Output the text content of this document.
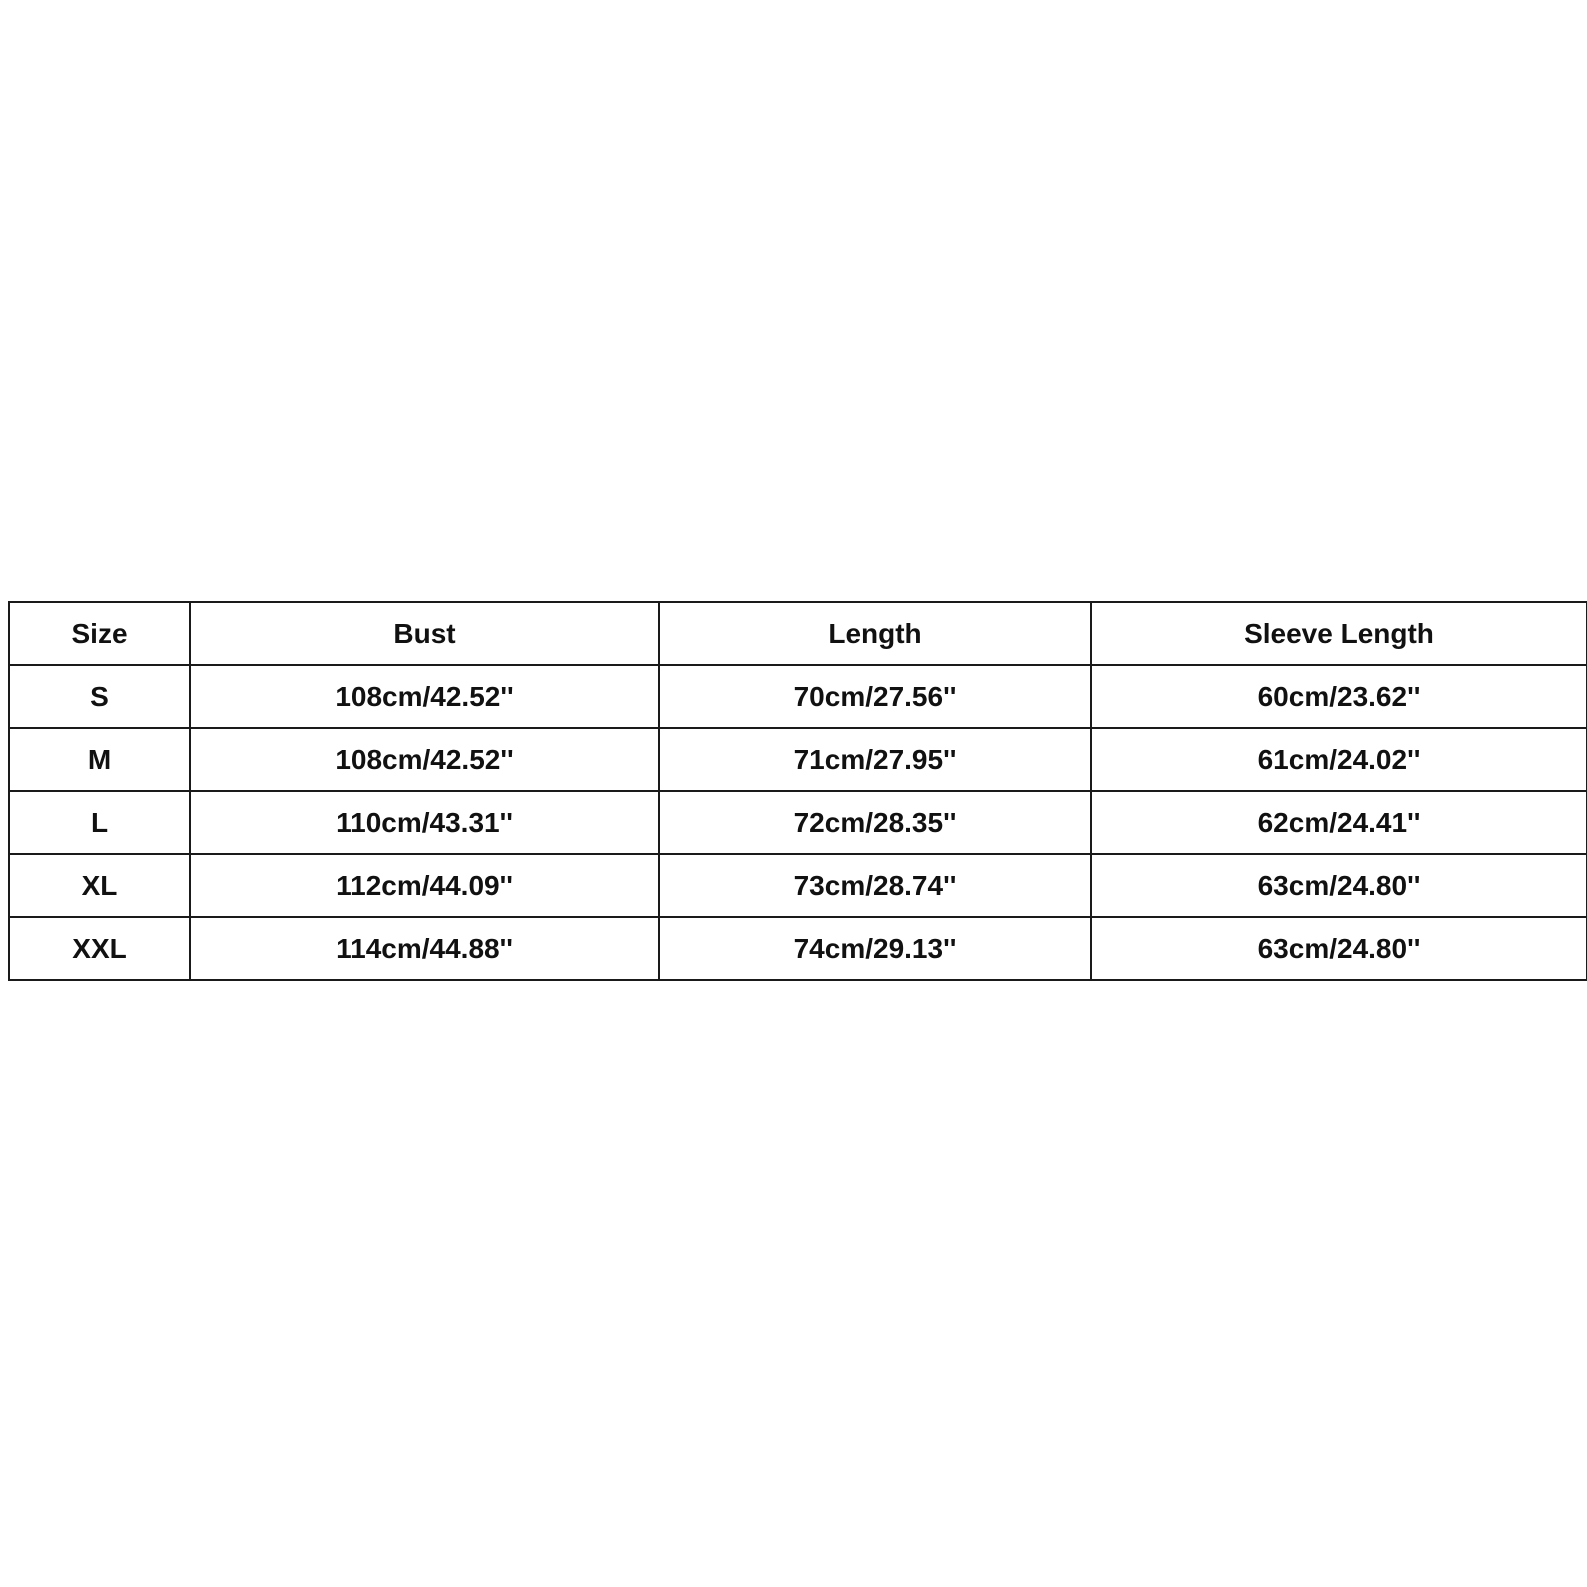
Size	Bust	Length	Sleeve Length
S	108cm/42.52''	70cm/27.56''	60cm/23.62''
M	108cm/42.52''	71cm/27.95''	61cm/24.02''
L	110cm/43.31''	72cm/28.35''	62cm/24.41''
XL	112cm/44.09''	73cm/28.74''	63cm/24.80''
XXL	114cm/44.88''	74cm/29.13''	63cm/24.80''
